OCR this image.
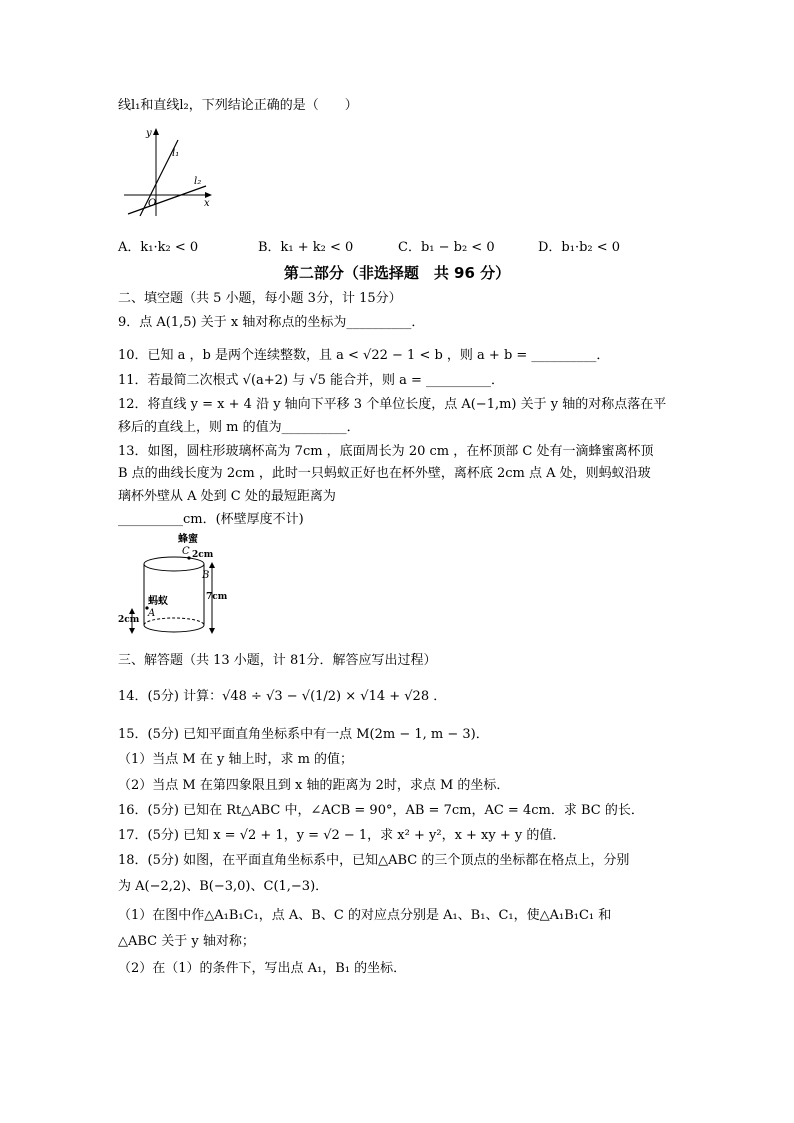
线l₁和直线l₂，下列结论正确的是（　　）
y
x
O
l₁
l₂
A．k₁·k₂ < 0	B．k₁ + k₂ < 0	C．b₁ − b₂ < 0	D．b₁·b₂ < 0
第二部分（非选择题　共 96 分）
二、填空题（共 5 小题，每小题 3分，计 15分）
9．点 A(1,5) 关于 x 轴对称点的坐标为__________．
10．已知 a ，b 是两个连续整数，且 a < √22 − 1 < b ，则 a + b = __________．
11．若最简二次根式 √(a+2) 与 √5 能合并，则 a = __________．
12．将直线 y = x + 4 沿 y 轴向下平移 3 个单位长度，点 A(−1,m) 关于 y 轴的对称点落在平
移后的直线上，则 m 的值为__________．
13．如图，圆柱形玻璃杯高为 7cm ，底面周长为 20 cm ，在杯顶部 C 处有一滴蜂蜜离杯顶
B 点的曲线长度为 2cm ，此时一只蚂蚁正好也在杯外壁，离杯底 2cm 点 A 处，则蚂蚁沿玻
璃杯外壁从 A 处到 C 处的最短距离为
__________cm．(杯壁厚度不计)
蜂蜜
C 2cm
B
7cm
蚂蚁
A
2cm
三、解答题（共 13 小题，计 81分．解答应写出过程）
14．(5分) 计算：√48 ÷ √3 − √(1/2) × √14 + √28 ．
15．(5分) 已知平面直角坐标系中有一点 M(2m − 1, m − 3)．
（1）当点 M 在 y 轴上时，求 m 的值；
（2）当点 M 在第四象限且到 x 轴的距离为 2时，求点 M 的坐标．
16．(5分) 已知在 Rt△ABC 中，∠ACB = 90°，AB = 7cm，AC = 4cm．求 BC 的长．
17．(5分) 已知 x = √2 + 1，y = √2 − 1，求 x² + y²，x + xy + y 的值．
18．(5分) 如图，在平面直角坐标系中，已知△ABC 的三个顶点的坐标都在格点上，分别
为 A(−2,2)、B(−3,0)、C(1,−3)．
（1）在图中作△A₁B₁C₁，点 A、B、C 的对应点分别是 A₁、B₁、C₁，使△A₁B₁C₁ 和
△ABC 关于 y 轴对称；
（2）在（1）的条件下，写出点 A₁，B₁ 的坐标．
